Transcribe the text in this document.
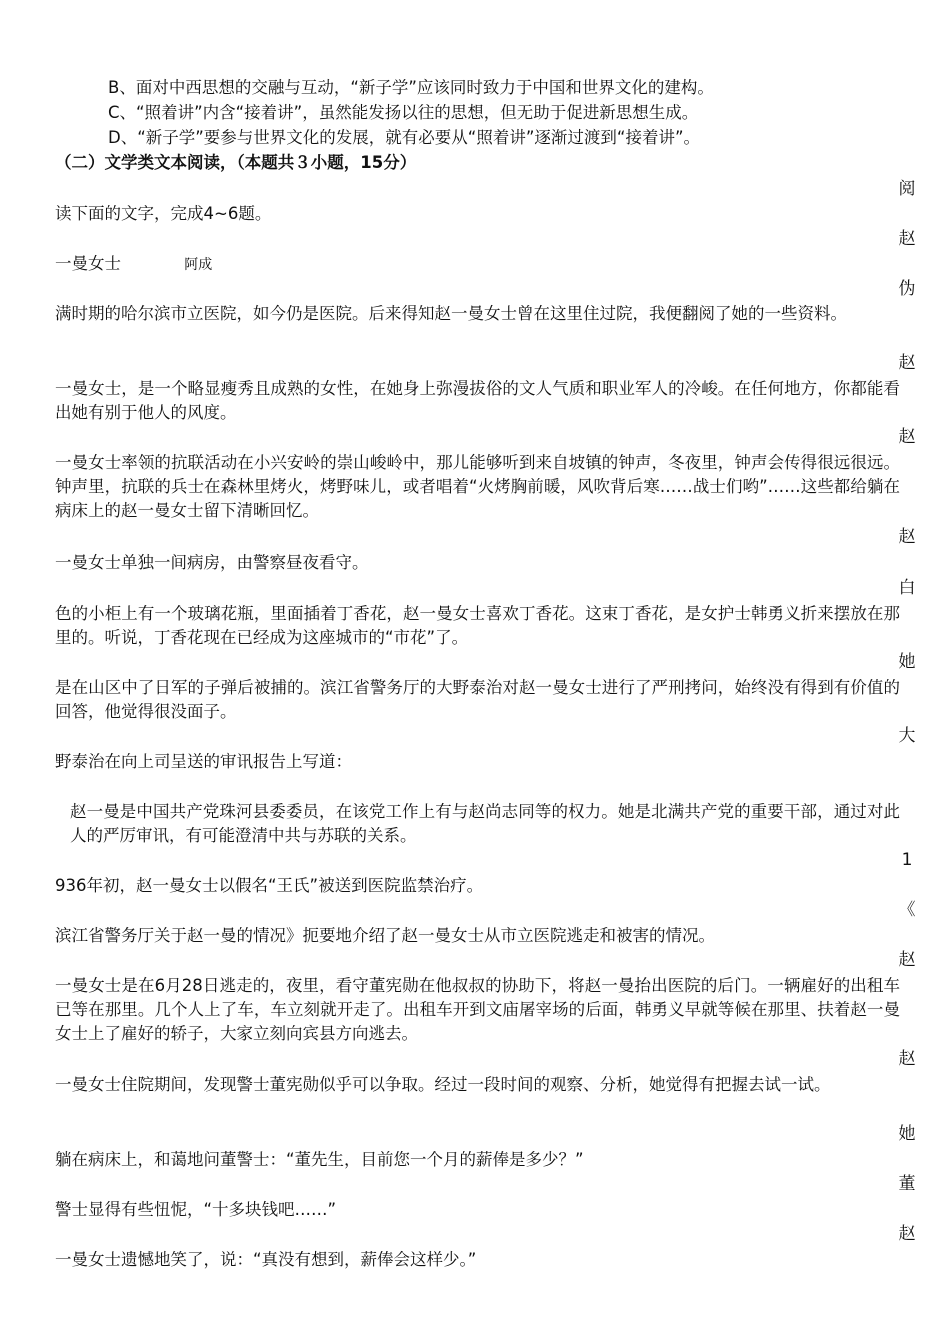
B、面对中西思想的交融与互动，“新子学”应该同时致力于中国和世界文化的建构。
C、“照着讲”内含“接着讲”，虽然能发扬以往的思想，但无助于促进新思想生成。
D、“新子学”要参与世界文化的发展，就有必要从“照着讲”逐渐过渡到“接着讲”。
（二）文学类文本阅读，（本题共３小题，15分）
阅
赵
伪
赵
赵
赵
白
她
大
1
《
赵
赵
她
董
赵
读下面的文字，完成4~6题。
一曼女士	阿成
满时期的哈尔滨市立医院，如今仍是医院。后来得知赵一曼女士曾在这里住过院，我便翻阅了她的一些资料。
一曼女士，是一个略显瘦秀且成熟的女性，在她身上弥漫拔俗的文人气质和职业军人的冷峻。在任何地方，你都能看出她有别于他人的风度。
一曼女士率领的抗联活动在小兴安岭的崇山峻岭中，那儿能够听到来自坡镇的钟声，冬夜里，钟声会传得很远很远。钟声里，抗联的兵士在森林里烤火，烤野味儿，或者唱着“火烤胸前暖，风吹背后寒……战士们哟”……这些都给躺在病床上的赵一曼女士留下清晰回忆。
一曼女士单独一间病房，由警察昼夜看守。
色的小柜上有一个玻璃花瓶，里面插着丁香花，赵一曼女士喜欢丁香花。这束丁香花，是女护士韩勇义折来摆放在那里的。听说，丁香花现在已经成为这座城市的“市花”了。
是在山区中了日军的子弹后被捕的。滨江省警务厅的大野泰治对赵一曼女士进行了严刑拷问，始终没有得到有价值的回答，他觉得很没面子。
野泰治在向上司呈送的审讯报告上写道：
赵一曼是中国共产党珠河县委委员，在该党工作上有与赵尚志同等的权力。她是北满共产党的重要干部，通过对此人的严厉审讯，有可能澄清中共与苏联的关系。
936年初，赵一曼女士以假名“王氏”被送到医院监禁治疗。
滨江省警务厅关于赵一曼的情况》扼要地介绍了赵一曼女士从市立医院逃走和被害的情况。
一曼女士是在6月28日逃走的，夜里，看守董宪勋在他叔叔的协助下，将赵一曼抬出医院的后门。一辆雇好的出租车已等在那里。几个人上了车，车立刻就开走了。出租车开到文庙屠宰场的后面，韩勇义早就等候在那里、扶着赵一曼女士上了雇好的轿子，大家立刻向宾县方向逃去。
一曼女士住院期间，发现警士董宪勋似乎可以争取。经过一段时间的观察、分析，她觉得有把握去试一试。
躺在病床上，和蔼地问董警士：“董先生，目前您一个月的薪俸是多少？”
警士显得有些忸怩，“十多块钱吧……”
一曼女士遗憾地笑了，说：“真没有想到，薪俸会这样少。”
